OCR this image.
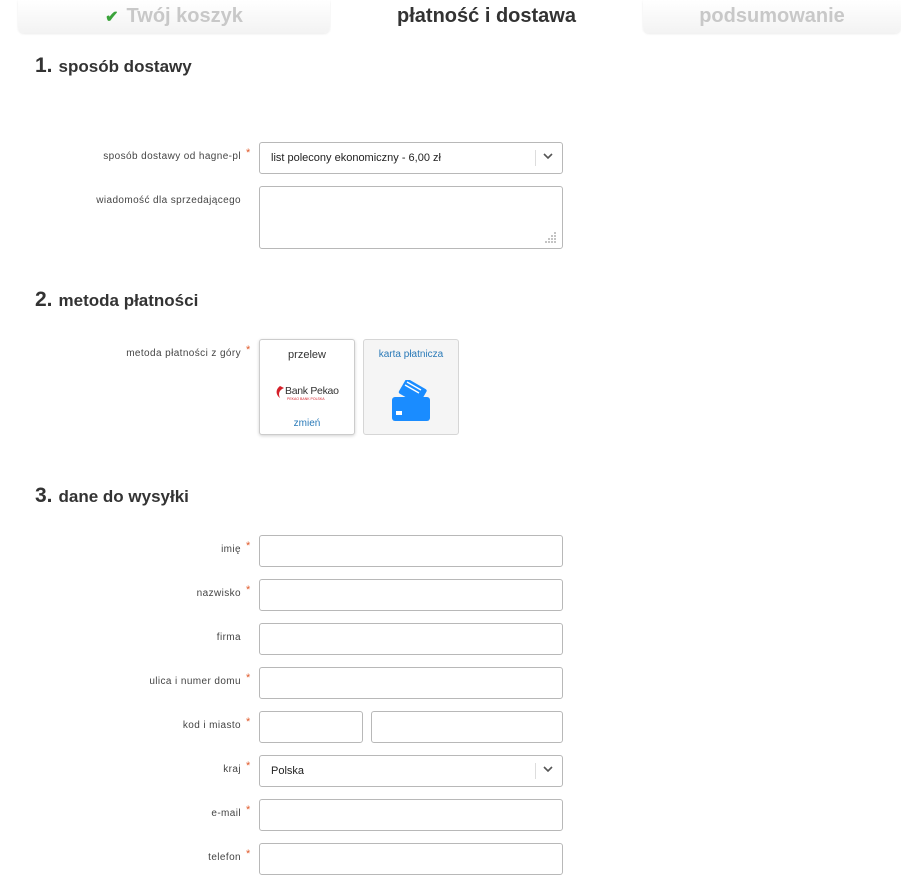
✔ Twój koszyk	płatność i dostawa	podsumowanie
1. sposób dostawy
sposób dostawy od hagne-pl * list polecony ekonomiczny - 6,00 zł
wiadomość dla sprzedającego
2. metoda płatności
metoda płatności z góry *	przelew
Bank Pekao
PEKAO BANK POLSKA
zmień
karta płatnicza
3. dane do wysyłki
imię *
nazwisko *
firma
ulica i numer domu *
kod i miasto *
kraj * Polska
e-mail *
telefon *
